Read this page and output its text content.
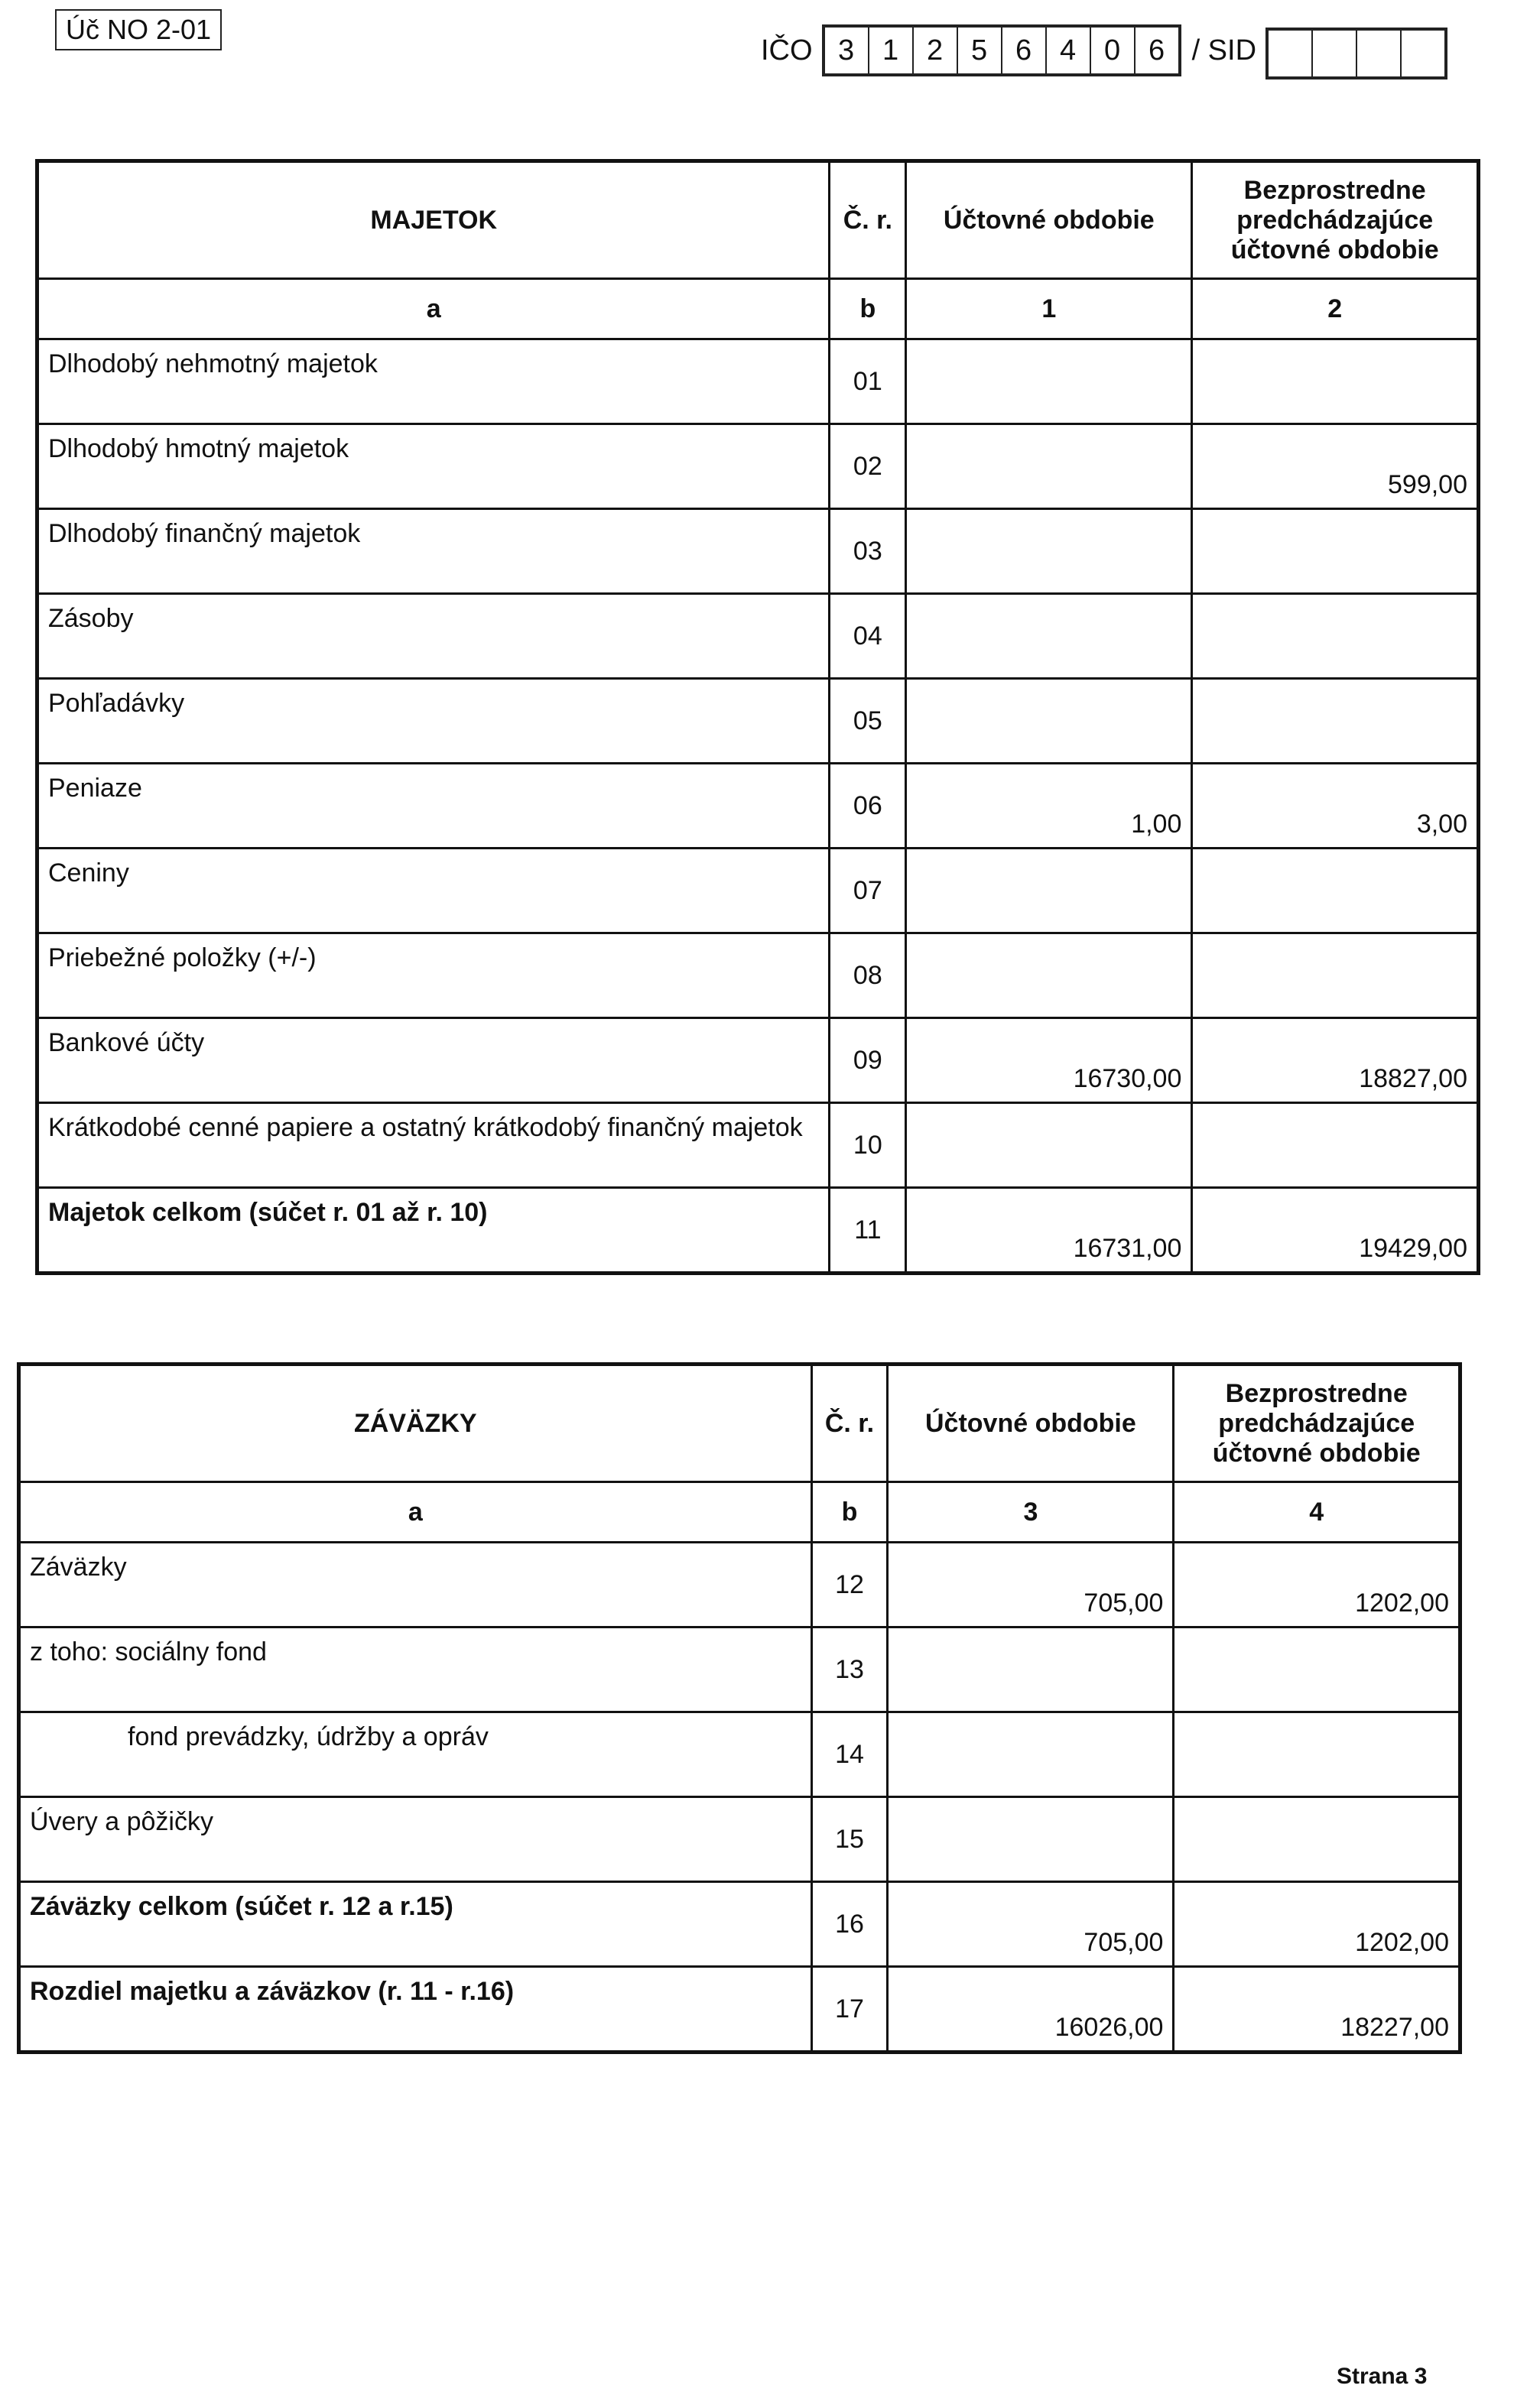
Úč NO 2-01
IČO 3 1 2 5 6 4 0 6 / SID
MAJETOK	Č. r.	Účtovné obdobie	Bezprostredne predchádzajúce účtovné obdobie
a	b	1	2
Dlhodobý nehmotný majetok	01		
Dlhodobý hmotný majetok	02		599,00
Dlhodobý finančný majetok	03		
Zásoby	04		
Pohľadávky	05		
Peniaze	06	1,00	3,00
Ceniny	07		
Priebežné položky (+/-)	08		
Bankové účty	09	16730,00	18827,00
Krátkodobé cenné papiere a ostatný krátkodobý finančný majetok	10		
Majetok celkom (súčet r. 01 až r. 10)	11	16731,00	19429,00
ZÁVÄZKY	Č. r.	Účtovné obdobie	Bezprostredne predchádzajúce účtovné obdobie
a	b	3	4
Záväzky	12	705,00	1202,00
z toho: sociálny fond	13		
fond prevádzky, údržby a opráv	14		
Úvery a pôžičky	15		
Záväzky celkom (súčet r. 12 a r.15)	16	705,00	1202,00
Rozdiel majetku a záväzkov (r. 11 - r.16)	17	16026,00	18227,00
Strana 3
